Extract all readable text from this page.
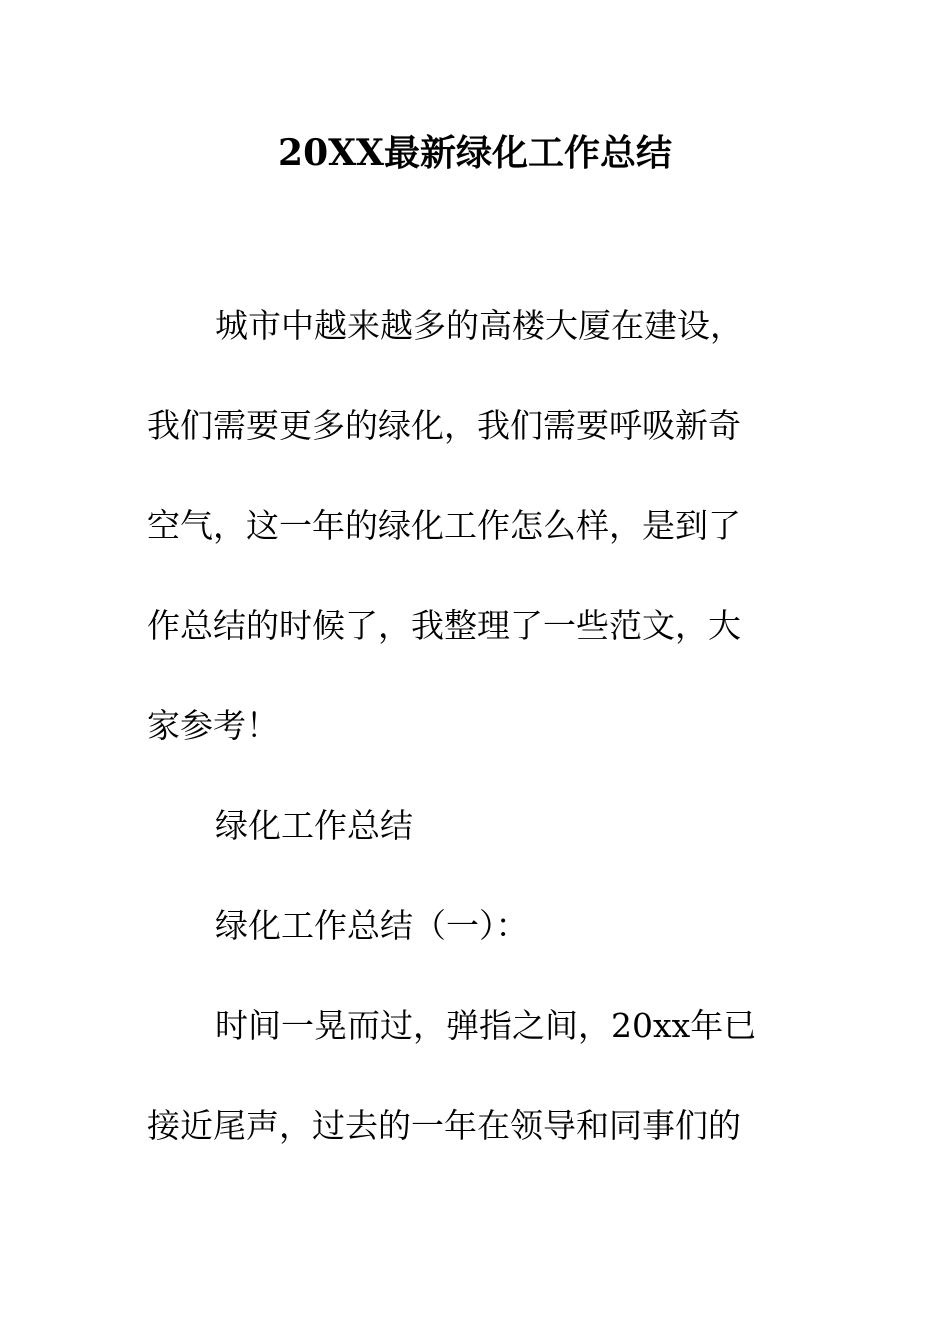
20XX最新绿化工作总结
城市中越来越多的高楼大厦在建设，
我们需要更多的绿化，我们需要呼吸新奇
空气，这一年的绿化工作怎么样，是到了
作总结的时候了，我整理了一些范文，大
家参考！
绿化工作总结
绿化工作总结（一）：
时间一晃而过，弹指之间，20xx年已
接近尾声，过去的一年在领导和同事们的
